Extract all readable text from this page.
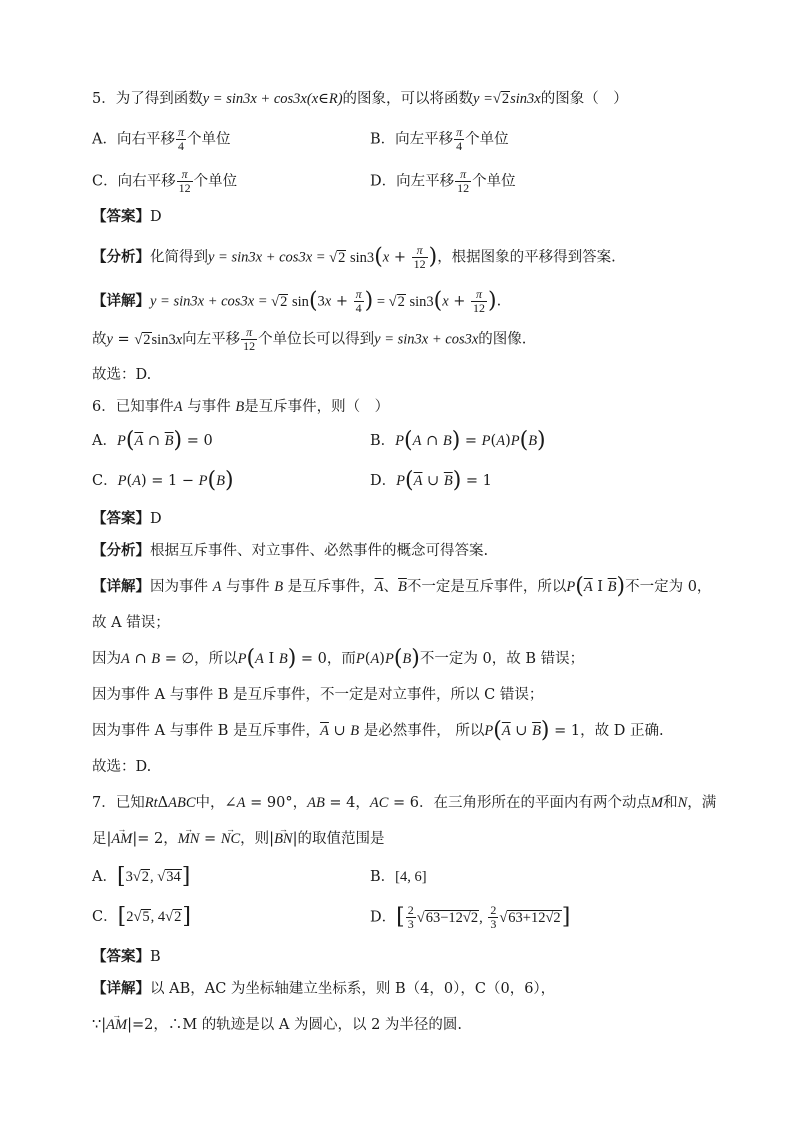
5．为了得到函数y = sin3x + cos3x(x∈R)的图象，可以将函数y =√2sin3x的图象（　）
A．向右平移 $\frac{\pi}{4}$ 个单位	B．向左平移 $\frac{\pi}{4}$ 个单位
C．向右平移 $\frac{\pi}{12}$ 个单位	D．向左平移 $\frac{\pi}{12}$ 个单位
【答案】D
【分析】化简得到y = sin3x + cos3x = √2 $\sin 3(x + \frac{\pi}{12}$ )，根据图象的平移得到答案.
【详解】y = sin3x + cos3x = √2 $\sin(3x + \frac{\pi}{4}$ ) = √2 $\sin 3(x + \frac{\pi}{12}$ ).
故y = √2sin3x向左平移 $\frac{\pi}{12}$ 个单位长可以得到y = sin3x + cos3x的图像.
故选：D.
6．已知事件A 与事件 B是互斥事件，则（　）
A．$P(\overline{A}$ ∩ $\overline{B}) = 0$	B．P(A ∩ B) = P(A)P(B)
C．P(A) = 1 − P(B)	D．$P(\overline{A}$ ∪ $\overline{B}) = 1$
【答案】D
【分析】根据互斥事件、对立事件、必然事件的概念可得答案.
【详解】因为事件 A 与事件 B 是互斥事件，$\overline{A}$、$\overline{B}$不一定是互斥事件，所以$P(\overline{A}$ I $\overline{B}$)不一定为 0，
故 A 错误；
因为A ∩ B = ∅，所以P(A I B) = 0，而P(A)P(B)不一定为 0，故 B 错误；
因为事件 A 与事件 B 是互斥事件，不一定是对立事件，所以 C 错误；
因为事件 A 与事件 B 是互斥事件，$\overline{A}$ ∪ B 是必然事件， 所以$P(\overline{A}$ ∪ $\overline{B}) = 1$，故 D 正确.
故选：D.
7．已知RtΔABC中，∠A = 90°，AB = 4，AC = 6．在三角形所在的平面内有两个动点M和N，满
足|→ AM|= 2，→ MN = → NC，则|→ BN|的取值范围是
A．[3√2, √34]	B．[4, 6]
C．[2√5, 4√2]	D．[ $\frac{2}{3} √63-12√2$, $\frac{2}{3} √63+12√2$]
【答案】B
【详解】以 AB，AC 为坐标轴建立坐标系，则 B（4，0），C（0，6），
∵|→ AM|=2，∴M 的轨迹是以 A 为圆心，以 2 为半径的圆.
